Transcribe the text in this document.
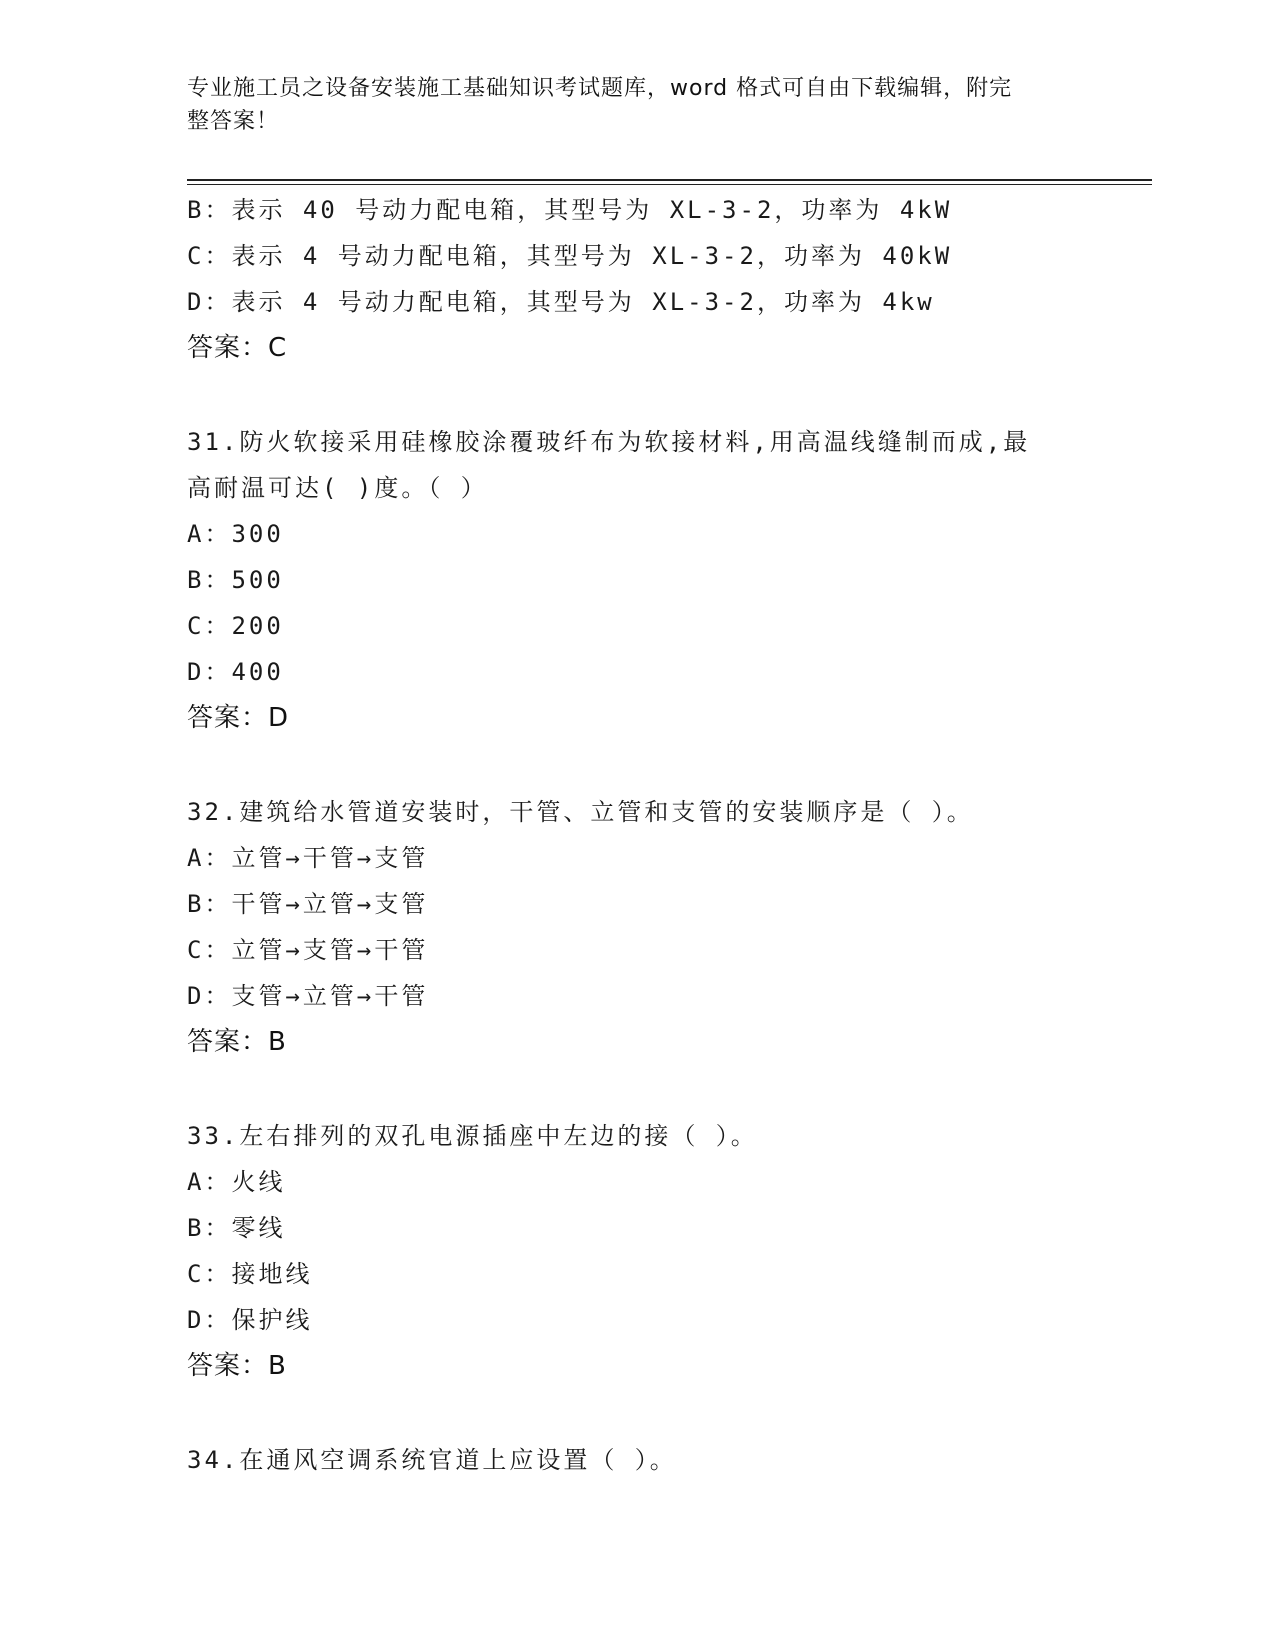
专业施工员之设备安装施工基础知识考试题库，word 格式可自由下载编辑，附完
整答案！
B：表示 40 号动力配电箱，其型号为 XL-3-2，功率为 4kW
C：表示 4 号动力配电箱，其型号为 XL-3-2，功率为 40kW
D：表示 4 号动力配电箱，其型号为 XL-3-2，功率为 4kw
答案：C
31.防火软接采用硅橡胶涂覆玻纤布为软接材料,用高温线缝制而成,最
高耐温可达( )度。（ ）
A：300
B：500
C：200
D：400
答案：D
32.建筑给水管道安装时，干管、立管和支管的安装顺序是（ ）。
A：立管→干管→支管
B：干管→立管→支管
C：立管→支管→干管
D：支管→立管→干管
答案：B
33.左右排列的双孔电源插座中左边的接（ ）。
A：火线
B：零线
C：接地线
D：保护线
答案：B
34.在通风空调系统官道上应设置（ ）。
